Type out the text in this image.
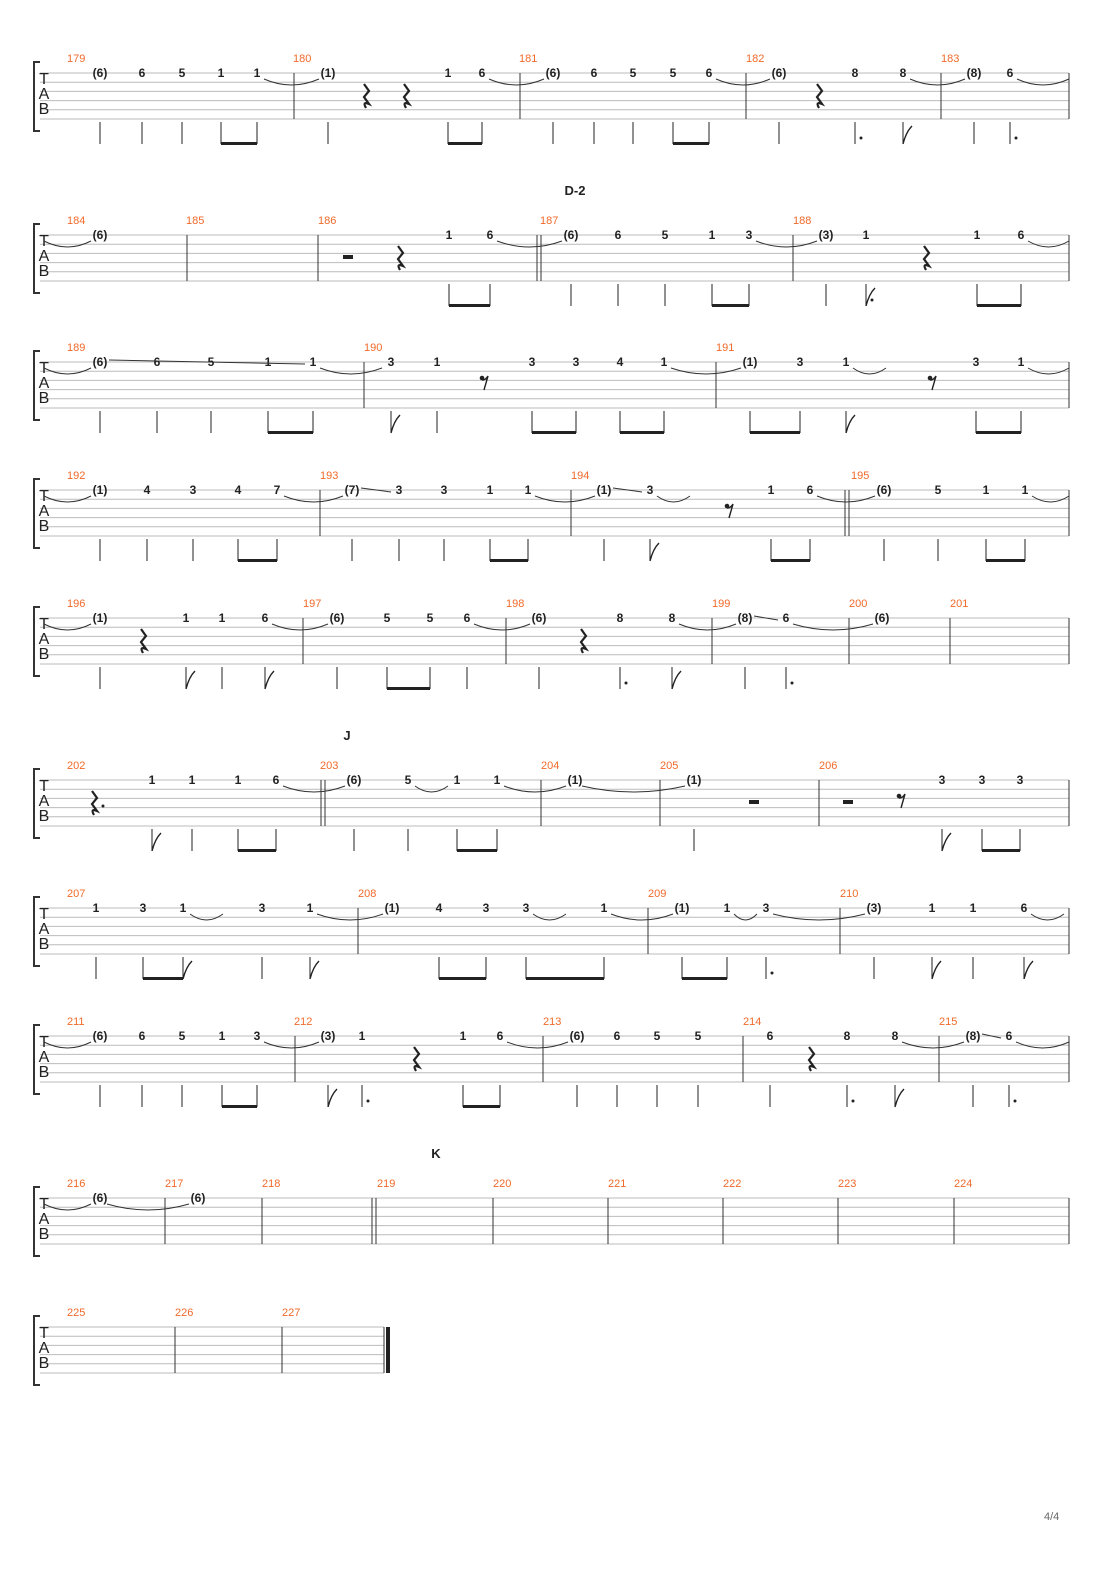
T
A
B
179	180	181	182	183
(6)	6	5	1 1	(1)	1 6	(6)	6	5	5 6	(6)	8	8	(8) 6
T
A
B
184	185	186	187	188
D-2
(6)	1	6	(6)	6	5	1	3	(3) 1	1	6
T
A
B
189	190	191
(6)	6	1	1	3	1	3	3	4	1	(1)	3	1	3	1
T
A
B
192	193	194	195
(1)	4	3	4	7	(7)	3	3	1	1	(1)	3	1	6	(6)	5	1	1
T
A
B
196	197	198	199	200	201
(1)	1 1	6	(6)	5	5	6	(6)	8	8	(8)	6	(6)
T
A
B
202	203	204	205	206
J
1	1	1	6	(6)	5	1	1	(1)	(1)	3	3	3
T
A
B
207	208	209	210
1	3	1	3	1	(1)	4	3	3	1	(1)	1	3	(3)	1	1	6
T
A
B
211	212	213	214	215
(6)	6	5	1 3	(3) 1	1	6	(6) 6	5	5	6	8	8	(8) 6
T
A
B
216	217	218	219	220	221	222	223	224
K
(6)	(6)
T
A
B
225	226	227
4/4
